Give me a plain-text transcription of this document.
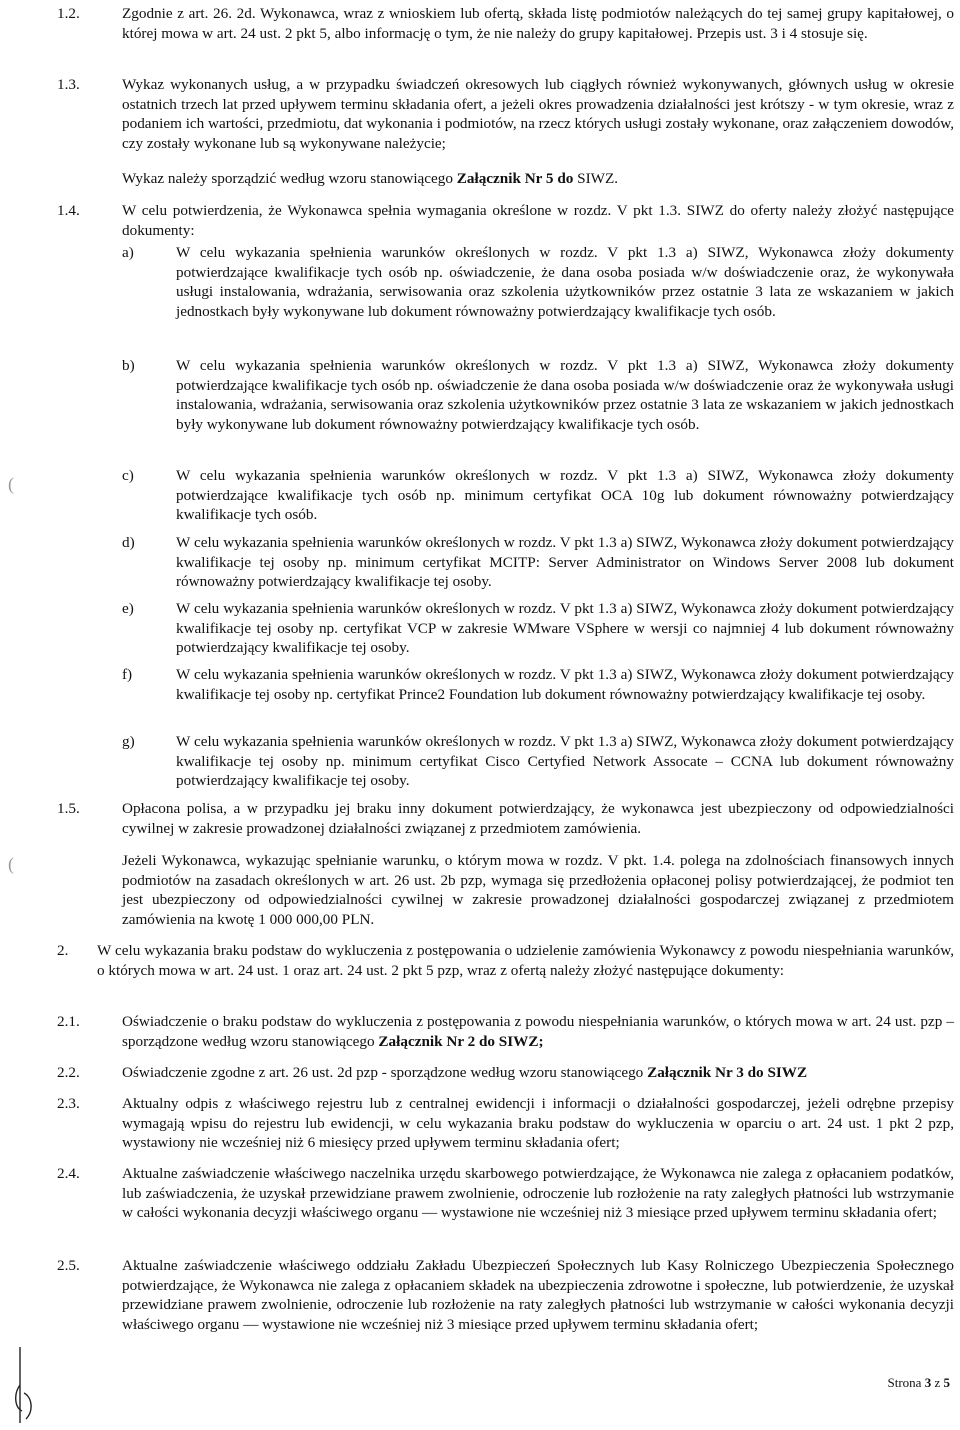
1.2.	Zgodnie z art. 26. 2d. Wykonawca, wraz z wnioskiem lub ofertą, składa listę podmiotów należących do tej samej grupy kapitałowej, o której mowa w art. 24 ust. 2 pkt 5, albo informację o tym, że nie należy do grupy kapitałowej. Przepis ust. 3 i 4 stosuje się.
1.3.	Wykaz wykonanych usług, a w przypadku świadczeń okresowych lub ciągłych również wykonywanych, głównych usług w okresie ostatnich trzech lat przed upływem terminu składania ofert, a jeżeli okres prowadzenia działalności jest krótszy - w tym okresie, wraz z podaniem ich wartości, przedmiotu, dat wykonania i podmiotów, na rzecz których usługi zostały wykonane, oraz załączeniem dowodów, czy zostały wykonane lub są wykonywane należycie;
Wykaz należy sporządzić według wzoru stanowiącego Załącznik Nr 5 do SIWZ.
1.4.	W celu potwierdzenia, że Wykonawca spełnia wymagania określone w rozdz. V pkt 1.3. SIWZ do oferty należy złożyć następujące dokumenty:
a)	W celu wykazania spełnienia warunków określonych w rozdz. V pkt 1.3 a) SIWZ, Wykonawca złoży dokumenty potwierdzające kwalifikacje tych osób np. oświadczenie, że dana osoba posiada w/w doświadczenie oraz, że wykonywała usługi instalowania, wdrażania, serwisowania oraz szkolenia użytkowników przez ostatnie 3 lata ze wskazaniem w jakich jednostkach były wykonywane lub dokument równoważny potwierdzający kwalifikacje tych osób.
b)	W celu wykazania spełnienia warunków określonych w rozdz. V pkt 1.3 a) SIWZ, Wykonawca złoży dokumenty potwierdzające kwalifikacje tych osób np. oświadczenie że dana osoba posiada w/w doświadczenie oraz że wykonywała usługi instalowania, wdrażania, serwisowania oraz szkolenia użytkowników przez ostatnie 3 lata ze wskazaniem w jakich jednostkach były wykonywane lub dokument równoważny potwierdzający kwalifikacje tych osób.
c)	W celu wykazania spełnienia warunków określonych w rozdz. V pkt 1.3 a) SIWZ, Wykonawca złoży dokumenty potwierdzające kwalifikacje tych osób np. minimum certyfikat OCA 10g lub dokument równoważny potwierdzający kwalifikacje tych osób.
d)	W celu wykazania spełnienia warunków określonych w rozdz. V pkt 1.3 a) SIWZ, Wykonawca złoży dokument potwierdzający kwalifikacje tej osoby np. minimum certyfikat MCITP: Server Administrator on Windows Server 2008 lub dokument równoważny potwierdzający kwalifikacje tej osoby.
e)	W celu wykazania spełnienia warunków określonych w rozdz. V pkt 1.3 a) SIWZ, Wykonawca złoży dokument potwierdzający kwalifikacje tej osoby np. certyfikat VCP w zakresie WMware VSphere w wersji co najmniej 4 lub dokument równoważny potwierdzający kwalifikacje tej osoby.
f)	W celu wykazania spełnienia warunków określonych w rozdz. V pkt 1.3 a) SIWZ, Wykonawca złoży dokument potwierdzający kwalifikacje tej osoby np. certyfikat Prince2 Foundation lub dokument równoważny potwierdzający kwalifikacje tej osoby.
g)	W celu wykazania spełnienia warunków określonych w rozdz. V pkt 1.3 a) SIWZ, Wykonawca złoży dokument potwierdzający kwalifikacje tej osoby np. minimum certyfikat Cisco Certyfied Network Assocate – CCNA lub dokument równoważny potwierdzający kwalifikacje tej osoby.
1.5.	Opłacona polisa, a w przypadku jej braku inny dokument potwierdzający, że wykonawca jest ubezpieczony od odpowiedzialności cywilnej w zakresie prowadzonej działalności związanej z przedmiotem zamówienia.
Jeżeli Wykonawca, wykazując spełnianie warunku, o którym mowa w rozdz. V pkt. 1.4. polega na zdolnościach finansowych innych podmiotów na zasadach określonych w art. 26 ust. 2b pzp, wymaga się przedłożenia opłaconej polisy potwierdzającej, że podmiot ten jest ubezpieczony od odpowiedzialności cywilnej w zakresie prowadzonej działalności gospodarczej związanej z przedmiotem zamówienia na kwotę 1 000 000,00 PLN.
2. W celu wykazania braku podstaw do wykluczenia z postępowania o udzielenie zamówienia Wykonawcy z powodu niespełniania warunków, o których mowa w art. 24 ust. 1 oraz art. 24 ust. 2 pkt 5 pzp, wraz z ofertą należy złożyć następujące dokumenty:
2.1.	Oświadczenie o braku podstaw do wykluczenia z postępowania z powodu niespełniania warunków, o których mowa w art. 24 ust. pzp – sporządzone według wzoru stanowiącego Załącznik Nr 2 do SIWZ;
2.2.	Oświadczenie zgodne z art. 26 ust. 2d pzp - sporządzone według wzoru stanowiącego Załącznik Nr 3 do SIWZ
2.3.	Aktualny odpis z właściwego rejestru lub z centralnej ewidencji i informacji o działalności gospodarczej, jeżeli odrębne przepisy wymagają wpisu do rejestru lub ewidencji, w celu wykazania braku podstaw do wykluczenia w oparciu o art. 24 ust. 1 pkt 2 pzp, wystawiony nie wcześniej niż 6 miesięcy przed upływem terminu składania ofert;
2.4.	Aktualne zaświadczenie właściwego naczelnika urzędu skarbowego potwierdzające, że Wykonawca nie zalega z opłacaniem podatków, lub zaświadczenia, że uzyskał przewidziane prawem zwolnienie, odroczenie lub rozłożenie na raty zaległych płatności lub wstrzymanie w całości wykonania decyzji właściwego organu — wystawione nie wcześniej niż 3 miesiące przed upływem terminu składania ofert;
2.5.	Aktualne zaświadczenie właściwego oddziału Zakładu Ubezpieczeń Społecznych lub Kasy Rolniczego Ubezpieczenia Społecznego potwierdzające, że Wykonawca nie zalega z opłacaniem składek na ubezpieczenia zdrowotne i społeczne, lub potwierdzenie, że uzyskał przewidziane prawem zwolnienie, odroczenie lub rozłożenie na raty zaległych płatności lub wstrzymanie w całości wykonania decyzji właściwego organu — wystawione nie wcześniej niż 3 miesiące przed upływem terminu składania ofert;
(
(
Strona 3 z 5
